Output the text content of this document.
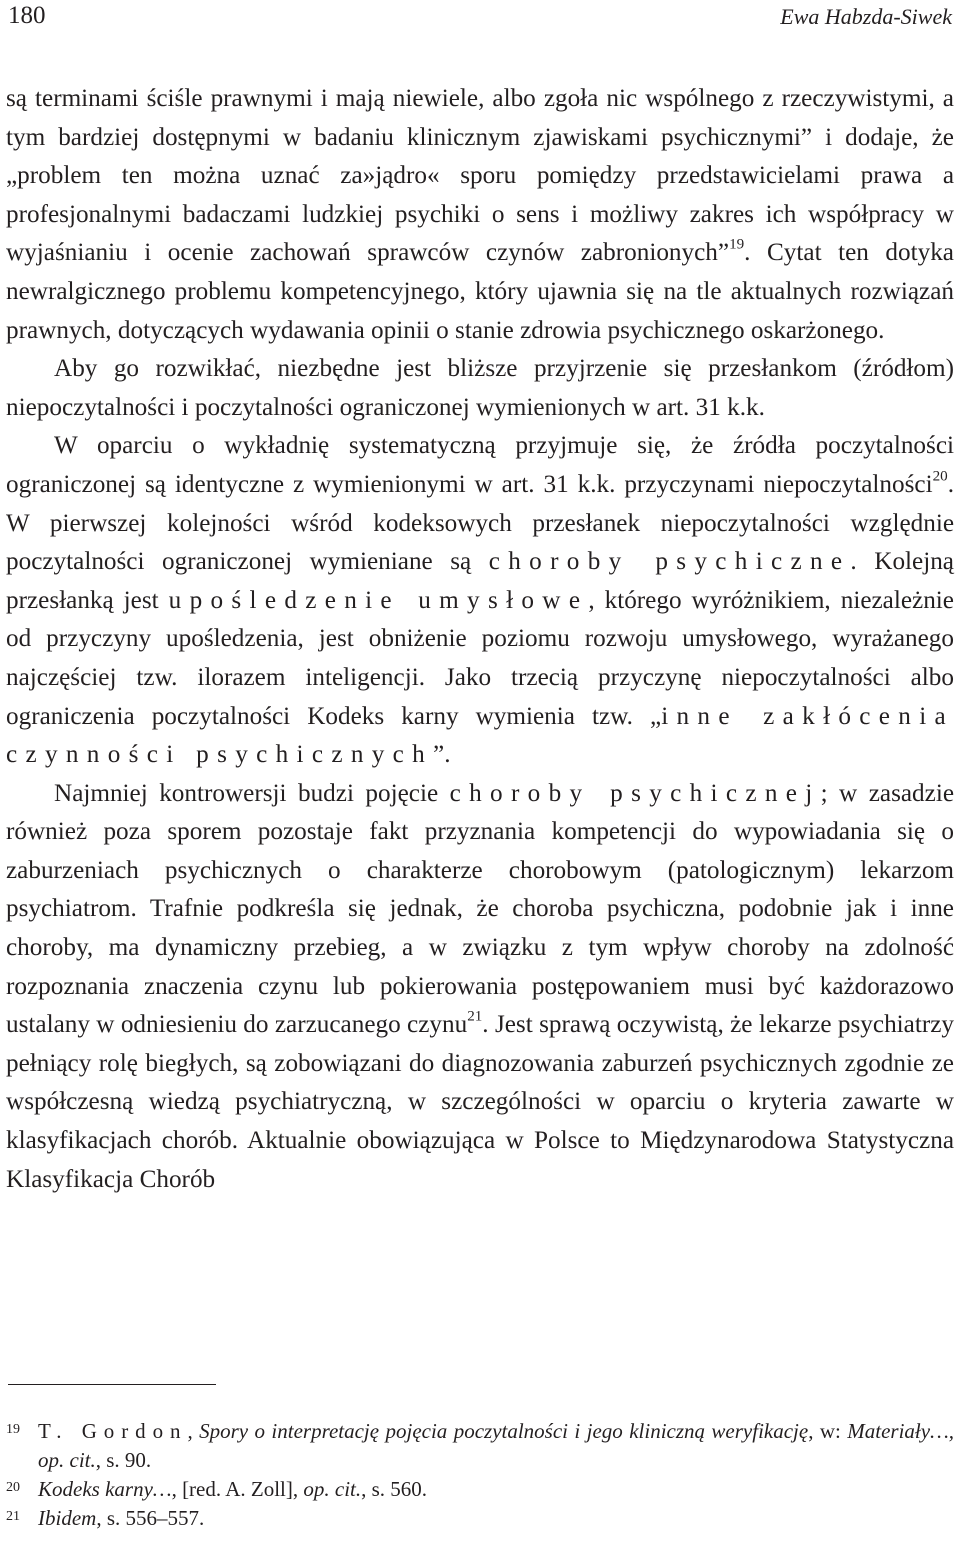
180	Ewa Habzda-Siwek

są terminami ściśle prawnymi i mają niewiele, albo zgoła nic wspólnego z rzeczywistymi, a tym bardziej dostępnymi w badaniu klinicznym zjawiskami psychicznymi” i dodaje, że „problem ten można uznać za»jądro« sporu pomiędzy przedstawicielami prawa a profesjonalnymi badaczami ludzkiej psychiki o sens i możliwy zakres ich współpracy w wyjaśnianiu i ocenie zachowań sprawców czynów zabronionych”$^{19}$. Cytat ten dotyka newralgicznego problemu kompetencyjnego, który ujawnia się na tle aktualnych rozwiązań prawnych, dotyczących wydawania opinii o stanie zdrowia psychicznego oskarżonego.

Aby go rozwikłać, niezbędne jest bliższe przyjrzenie się przesłankom (źródłom) niepoczytalności i poczytalności ograniczonej wymienionych w art. 31 k.k.

W oparciu o wykładnię systematyczną przyjmuje się, że źródła poczytalności ograniczonej są identyczne z wymienionymi w art. 31 k.k. przyczynami niepoczytalności$^{20}$. W pierwszej kolejności wśród kodeksowych przesłanek niepoczytalności względnie poczytalności ograniczonej wymieniane są choroby psychiczne. Kolejną przesłanką jest upośledzenie umysłowe, którego wyróżnikiem, niezależnie od przyczyny upośledzenia, jest obniżenie poziomu rozwoju umysłowego, wyrażanego najczęściej tzw. ilorazem inteligencji. Jako trzecią przyczynę niepoczytalności albo ograniczenia poczytalności Kodeks karny wymienia tzw. „inne zakłócenia czynności psychicznych”.

Najmniej kontrowersji budzi pojęcie choroby psychicznej; w zasadzie również poza sporem pozostaje fakt przyznania kompetencji do wypowiadania się o zaburzeniach psychicznych o charakterze chorobowym (patologicznym) lekarzom psychiatrom. Trafnie podkreśla się jednak, że choroba psychiczna, podobnie jak i inne choroby, ma dynamiczny przebieg, a w związku z tym wpływ choroby na zdolność rozpoznania znaczenia czynu lub pokierowania postępowaniem musi być każdorazowo ustalany w odniesieniu do zarzucanego czynu$^{21}$. Jest sprawą oczywistą, że lekarze psychiatrzy pełniący rolę biegłych, są zobowiązani do diagnozowania zaburzeń psychicznych zgodnie ze współczesną wiedzą psychiatryczną, w szczególności w oparciu o kryteria zawarte w klasyfikacjach chorób. Aktualnie obowiązująca w Polsce to Międzynarodowa Statystyczna Klasyfikacja Chorób

19 T. Gordon, Spory o interpretację pojęcia poczytalności i jego kliniczną weryfikację, w: Materiały…, op. cit., s. 90.

20 Kodeks karny…, [red. A. Zoll], op. cit., s. 560.

21 Ibidem, s. 556–557.
